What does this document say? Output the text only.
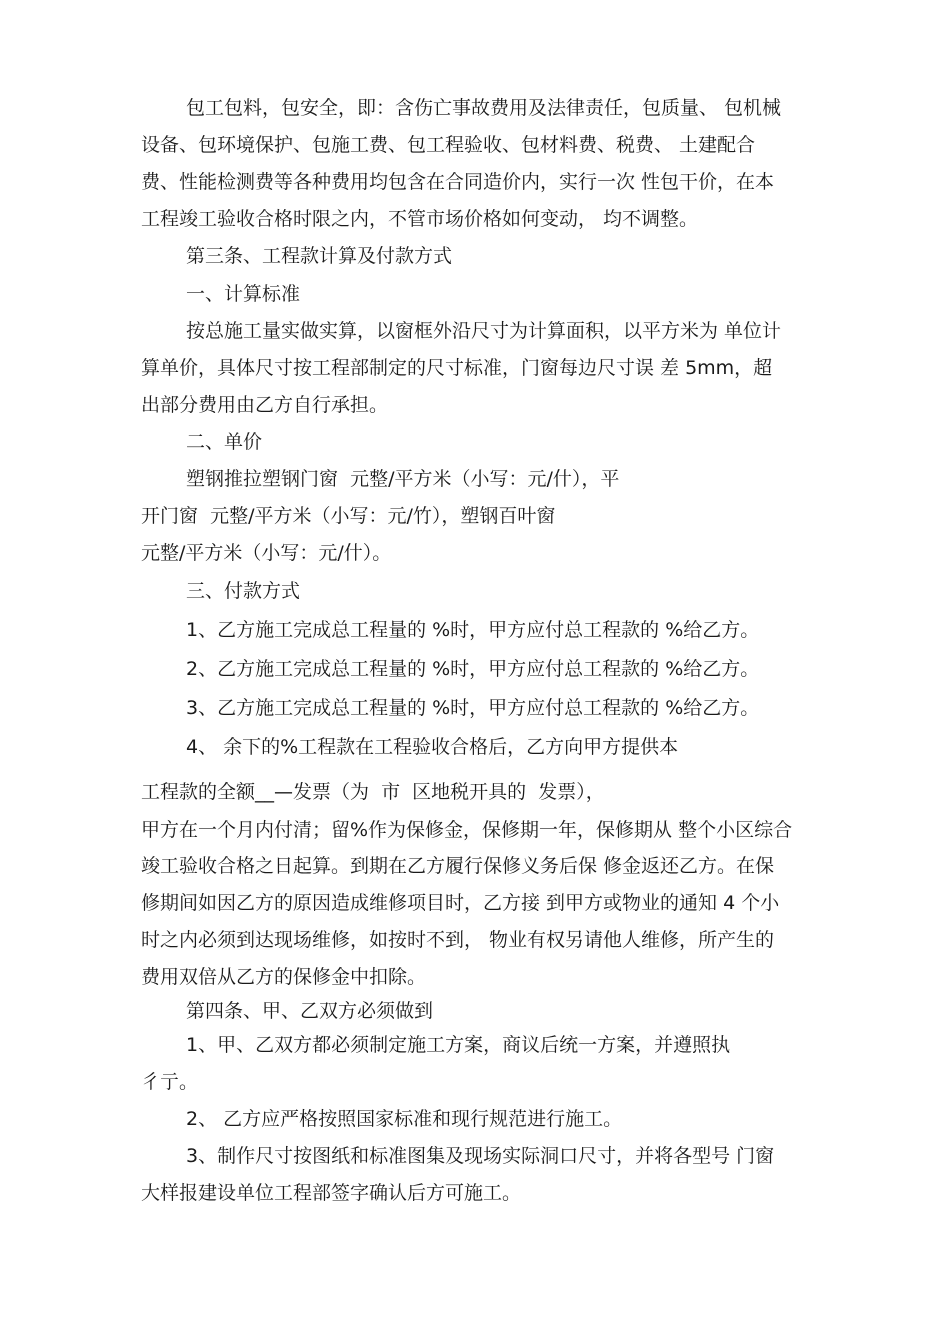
包工包料，包安全，即：含伤亡事故费用及法律责任，包质量、 包机械
设备、包环境保护、包施工费、包工程验收、包材料费、税费、 土建配合
费、性能检测费等各种费用均包含在合同造价内，实行一次 性包干价，在本
工程竣工验收合格时限之内，不管市场价格如何变动， 均不调整。
第三条、工程款计算及付款方式
一、计算标准
按总施工量实做实算，以窗框外沿尺寸为计算面积，以平方米为 单位计
算单价，具体尺寸按工程部制定的尺寸标准，门窗每边尺寸误 差 5mm，超
出部分费用由乙方自行承担。
二、单价
塑钢推拉塑钢门窗  元整/平方米（小写：元/什），平
开门窗  元整/平方米（小写：元/竹），塑钢百叶窗
元整/平方米（小写：元/什）。
三、付款方式
1、乙方施工完成总工程量的 %时，甲方应付总工程款的 %给乙方。
2、乙方施工完成总工程量的 %时，甲方应付总工程款的 %给乙方。
3、乙方施工完成总工程量的 %时，甲方应付总工程款的 %给乙方。
4、 余下的%工程款在工程验收合格后，乙方向甲方提供本
工程款的全额__—发票（为  市  区地税开具的  发票），
甲方在一个月内付清；留%作为保修金，保修期一年，保修期从 整个小区综合
竣工验收合格之日起算。到期在乙方履行保修义务后保 修金返还乙方。在保
修期间如因乙方的原因造成维修项目时，乙方接 到甲方或物业的通知 4 个小
时之内必须到达现场维修，如按时不到， 物业有权另请他人维修，所产生的
费用双倍从乙方的保修金中扣除。
第四条、甲、乙双方必须做到
1、甲、乙双方都必须制定施工方案，商议后统一方案，并遵照执
彳亍。
2、 乙方应严格按照国家标准和现行规范进行施工。
3、制作尺寸按图纸和标准图集及现场实际洞口尺寸，并将各型号 门窗
大样报建设单位工程部签字确认后方可施工。
